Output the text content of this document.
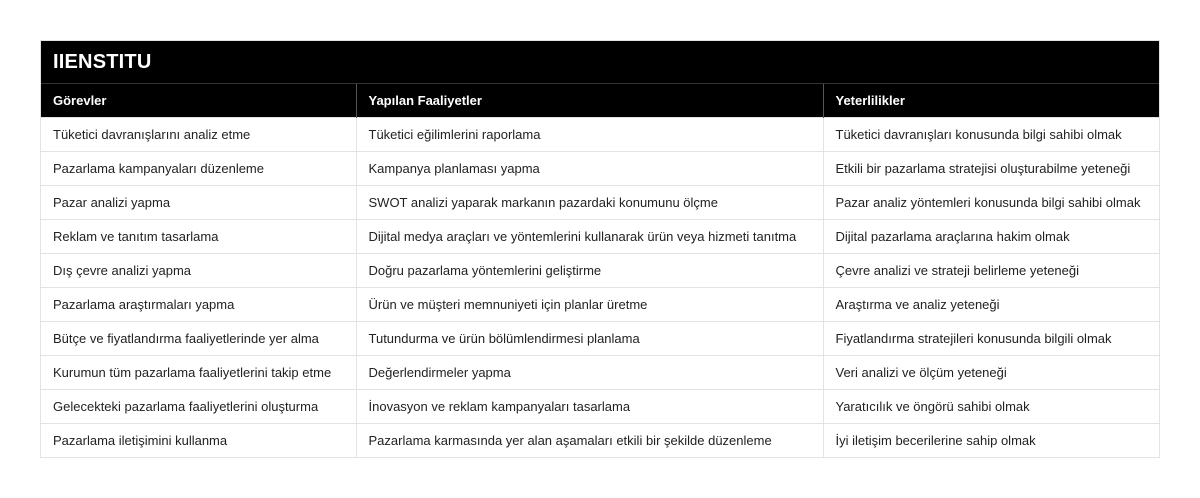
IIENSTITU
Görevler	Yapılan Faaliyetler	Yeterlilikler
Tüketici davranışlarını analiz etme	Tüketici eğilimlerini raporlama	Tüketici davranışları konusunda bilgi sahibi olmak
Pazarlama kampanyaları düzenleme	Kampanya planlaması yapma	Etkili bir pazarlama stratejisi oluşturabilme yeteneği
Pazar analizi yapma	SWOT analizi yaparak markanın pazardaki konumunu ölçme	Pazar analiz yöntemleri konusunda bilgi sahibi olmak
Reklam ve tanıtım tasarlama	Dijital medya araçları ve yöntemlerini kullanarak ürün veya hizmeti tanıtma	Dijital pazarlama araçlarına hakim olmak
Dış çevre analizi yapma	Doğru pazarlama yöntemlerini geliştirme	Çevre analizi ve strateji belirleme yeteneği
Pazarlama araştırmaları yapma	Ürün ve müşteri memnuniyeti için planlar üretme	Araştırma ve analiz yeteneği
Bütçe ve fiyatlandırma faaliyetlerinde yer alma	Tutundurma ve ürün bölümlendirmesi planlama	Fiyatlandırma stratejileri konusunda bilgili olmak
Kurumun tüm pazarlama faaliyetlerini takip etme	Değerlendirmeler yapma	Veri analizi ve ölçüm yeteneği
Gelecekteki pazarlama faaliyetlerini oluşturma	İnovasyon ve reklam kampanyaları tasarlama	Yaratıcılık ve öngörü sahibi olmak
Pazarlama iletişimini kullanma	Pazarlama karmasında yer alan aşamaları etkili bir şekilde düzenleme	İyi iletişim becerilerine sahip olmak
